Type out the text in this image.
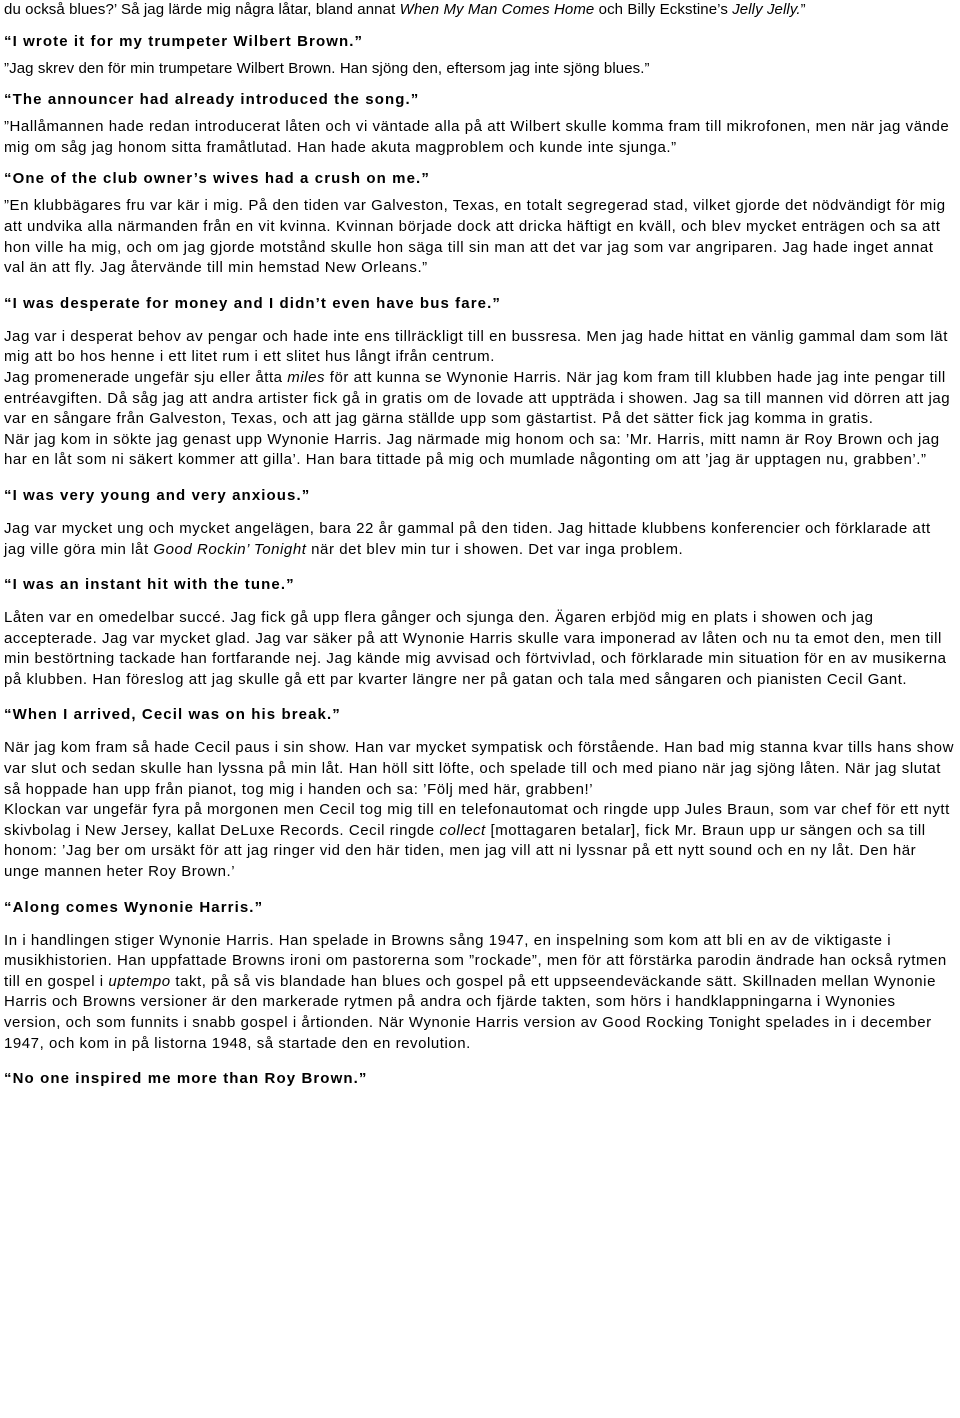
du också blues?’ Så jag lärde mig några låtar, bland annat When My Man Comes Home och Billy Eckstine’s Jelly Jelly.”

“I wrote it for my trumpeter Wilbert Brown.”

”Jag skrev den för min trumpetare Wilbert Brown. Han sjöng den, eftersom jag inte sjöng blues.”

“The announcer had already introduced the song.”

”Hallåmannen hade redan introducerat låten och vi väntade alla på att Wilbert skulle komma fram till mikrofonen, men när jag vände mig om såg jag honom sitta framåtlutad. Han hade akuta magproblem och kunde inte sjunga.”

“One of the club owner’s wives had a crush on me.”

”En klubbägares fru var kär i mig. På den tiden var Galveston, Texas, en totalt segregerad stad, vilket gjorde det nödvändigt för mig att undvika alla närmanden från en vit kvinna. Kvinnan började dock att dricka häftigt en kväll, och blev mycket enträgen och sa att hon ville ha mig, och om jag gjorde motstånd skulle hon säga till sin man att det var jag som var angriparen. Jag hade inget annat val än att fly. Jag återvände till min hemstad New Orleans.”

“I was desperate for money and I didn’t even have bus fare.”

Jag var i desperat behov av pengar och hade inte ens tillräckligt till en bussresa. Men jag hade hittat en vänlig gammal dam som lät mig att bo hos henne i ett litet rum i ett slitet hus långt ifrån centrum.

Jag promenerade ungefär sju eller åtta miles för att kunna se Wynonie Harris. När jag kom fram till klubben hade jag inte pengar till entréavgiften. Då såg jag att andra artister fick gå in gratis om de lovade att uppträda i showen. Jag sa till mannen vid dörren att jag var en sångare från Galveston, Texas, och att jag gärna ställde upp som gästartist. På det sätter fick jag komma in gratis.

När jag kom in sökte jag genast upp Wynonie Harris. Jag närmade mig honom och sa: ’Mr. Harris, mitt namn är Roy Brown och jag har en låt som ni säkert kommer att gilla’. Han bara tittade på mig och mumlade någonting om att ’jag är upptagen nu, grabben’.”

“I was very young and very anxious.”

Jag var mycket ung och mycket angelägen, bara 22 år gammal på den tiden. Jag hittade klubbens konferencier och förklarade att jag ville göra min låt Good Rockin’ Tonight när det blev min tur i showen. Det var inga problem.

“I was an instant hit with the tune.”

Låten var en omedelbar succé. Jag fick gå upp flera gånger och sjunga den. Ägaren erbjöd mig en plats i showen och jag accepterade. Jag var mycket glad. Jag var säker på att Wynonie Harris skulle vara imponerad av låten och nu ta emot den, men till min bestörtning tackade han fortfarande nej. Jag kände mig avvisad och förtvivlad, och förklarade min situation för en av musikerna på klubben. Han föreslog att jag skulle gå ett par kvarter längre ner på gatan och tala med sångaren och pianisten Cecil Gant.

“When I arrived, Cecil was on his break.”

När jag kom fram så hade Cecil paus i sin show. Han var mycket sympatisk och förstående. Han bad mig stanna kvar tills hans show var slut och sedan skulle han lyssna på min låt. Han höll sitt löfte, och spelade till och med piano när jag sjöng låten. När jag slutat så hoppade han upp från pianot, tog mig i handen och sa: ’Följ med här, grabben!’

Klockan var ungefär fyra på morgonen men Cecil tog mig till en telefonautomat och ringde upp Jules Braun, som var chef för ett nytt skivbolag i New Jersey, kallat DeLuxe Records. Cecil ringde collect [mottagaren betalar], fick Mr. Braun upp ur sängen och sa till honom: ’Jag ber om ursäkt för att jag ringer vid den här tiden, men jag vill att ni lyssnar på ett nytt sound och en ny låt. Den här unge mannen heter Roy Brown.’

“Along comes Wynonie Harris.”

In i handlingen stiger Wynonie Harris. Han spelade in Browns sång 1947, en inspelning som kom att bli en av de viktigaste i musikhistorien. Han uppfattade Browns ironi om pastorerna som ”rockade”, men för att förstärka parodin ändrade han också rytmen till en gospel i uptempo takt, på så vis blandade han blues och gospel på ett uppseendeväckande sätt. Skillnaden mellan Wynonie Harris och Browns versioner är den markerade rytmen på andra och fjärde takten, som hörs i handklappningarna i Wynonies version, och som funnits i snabb gospel i årtionden. När Wynonie Harris version av Good Rocking Tonight spelades in i december 1947, och kom in på listorna 1948, så startade den en revolution.

“No one inspired me more than Roy Brown.”
